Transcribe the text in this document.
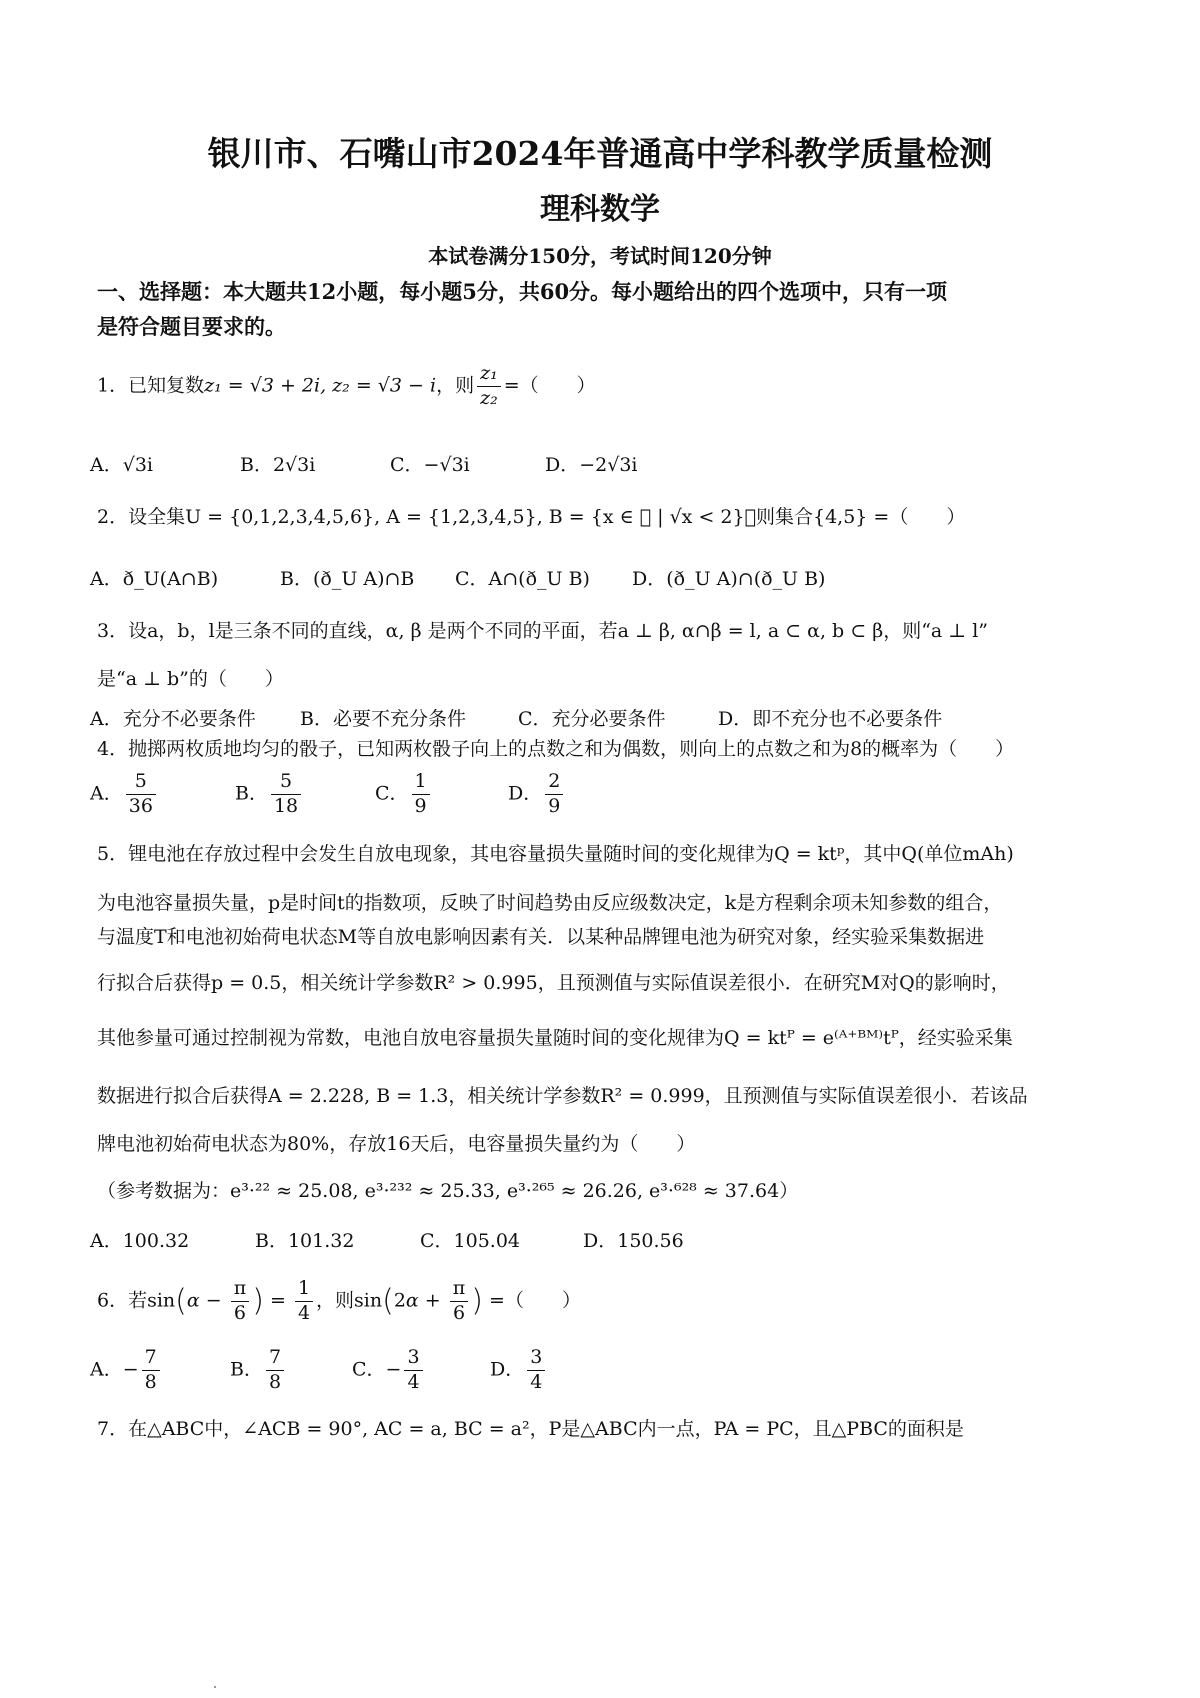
银川市、石嘴山市2024年普通高中学科教学质量检测
理科数学
本试卷满分150分，考试时间120分钟
一、选择题：本大题共12小题，每小题5分，共60分。每小题给出的四个选项中，只有一项
是符合题目要求的。
1．已知复数z₁ = √3 + 2i, z₂ = √3 − i，则 $\frac{\text{z₁}}{\text{z₂}}$ =（　　）
A．√3i	B．2√3i	C．−√3i	D．−2√3i
2．设全集U = {0,1,2,3,4,5,6}, A = {1,2,3,4,5}, B = {x ∈ ⃞ | √x < 2}，则集合{4,5} =（　　）
A．ð_U(A∩B)	B．(ð_U A)∩B C．A∩(ð_U B) D．(ð_U A)∩(ð_U B)
3．设a，b，l是三条不同的直线，α, β 是两个不同的平面，若a ⊥ β, α∩β = l, a ⊂ α, b ⊂ β，则“a ⊥ l”
是“a ⊥ b”的（　　）
A．充分不必要条件 B．必要不充分条件	C．充分必要条件	D．即不充分也不必要条件
4．抛掷两枚质地均匀的骰子，已知两枚骰子向上的点数之和为偶数，则向上的点数之和为8的概率为（　　）
A． $\frac{5}{36}$	B． $\frac{5}{18}$	C． $\frac{1}{9}$	D． $\frac{2}{9}$
5．锂电池在存放过程中会发生自放电现象，其电容量损失量随时间的变化规律为Q = ktᵖ，其中Q(单位mAh)
为电池容量损失量，p是时间t的指数项，反映了时间趋势由反应级数决定，k是方程剩余项未知参数的组合，
与温度T和电池初始荷电状态M等自放电影响因素有关．以某种品牌锂电池为研究对象，经实验采集数据进
行拟合后获得p = 0.5，相关统计学参数R² > 0.995，且预测值与实际值误差很小．在研究M对Q的影响时，
其他参量可通过控制视为常数，电池自放电容量损失量随时间的变化规律为Q = ktᴾ = e⁽ᴬ⁺ᴮᴹ⁾tᴾ，经实验采集
数据进行拟合后获得A = 2.228, B = 1.3，相关统计学参数R² = 0.999，且预测值与实际值误差很小．若该品
牌电池初始荷电状态为80%，存放16天后，电容量损失量约为（　　）
（参考数据为：e³·²² ≈ 25.08, e³·²³² ≈ 25.33, e³·²⁶⁵ ≈ 26.26, e³·⁶²⁸ ≈ 37.64）
A．100.32	B．101.32	C．105.04	D．150.56
6．若$\sin(\alpha - \frac{\pi}{6}$ ) = $\frac{1}{4}$ ，则$\sin(2\alpha + \frac{\pi}{6}$ ) =（　　）
A．− $\frac{7}{8}$	B． $\frac{7}{8}$	C．− $\frac{3}{4}$	D． $\frac{3}{4}$
7．在△ABC中，∠ACB = 90°, AC = a, BC = a²，P是△ABC内一点，PA = PC，且△PBC的面积是
